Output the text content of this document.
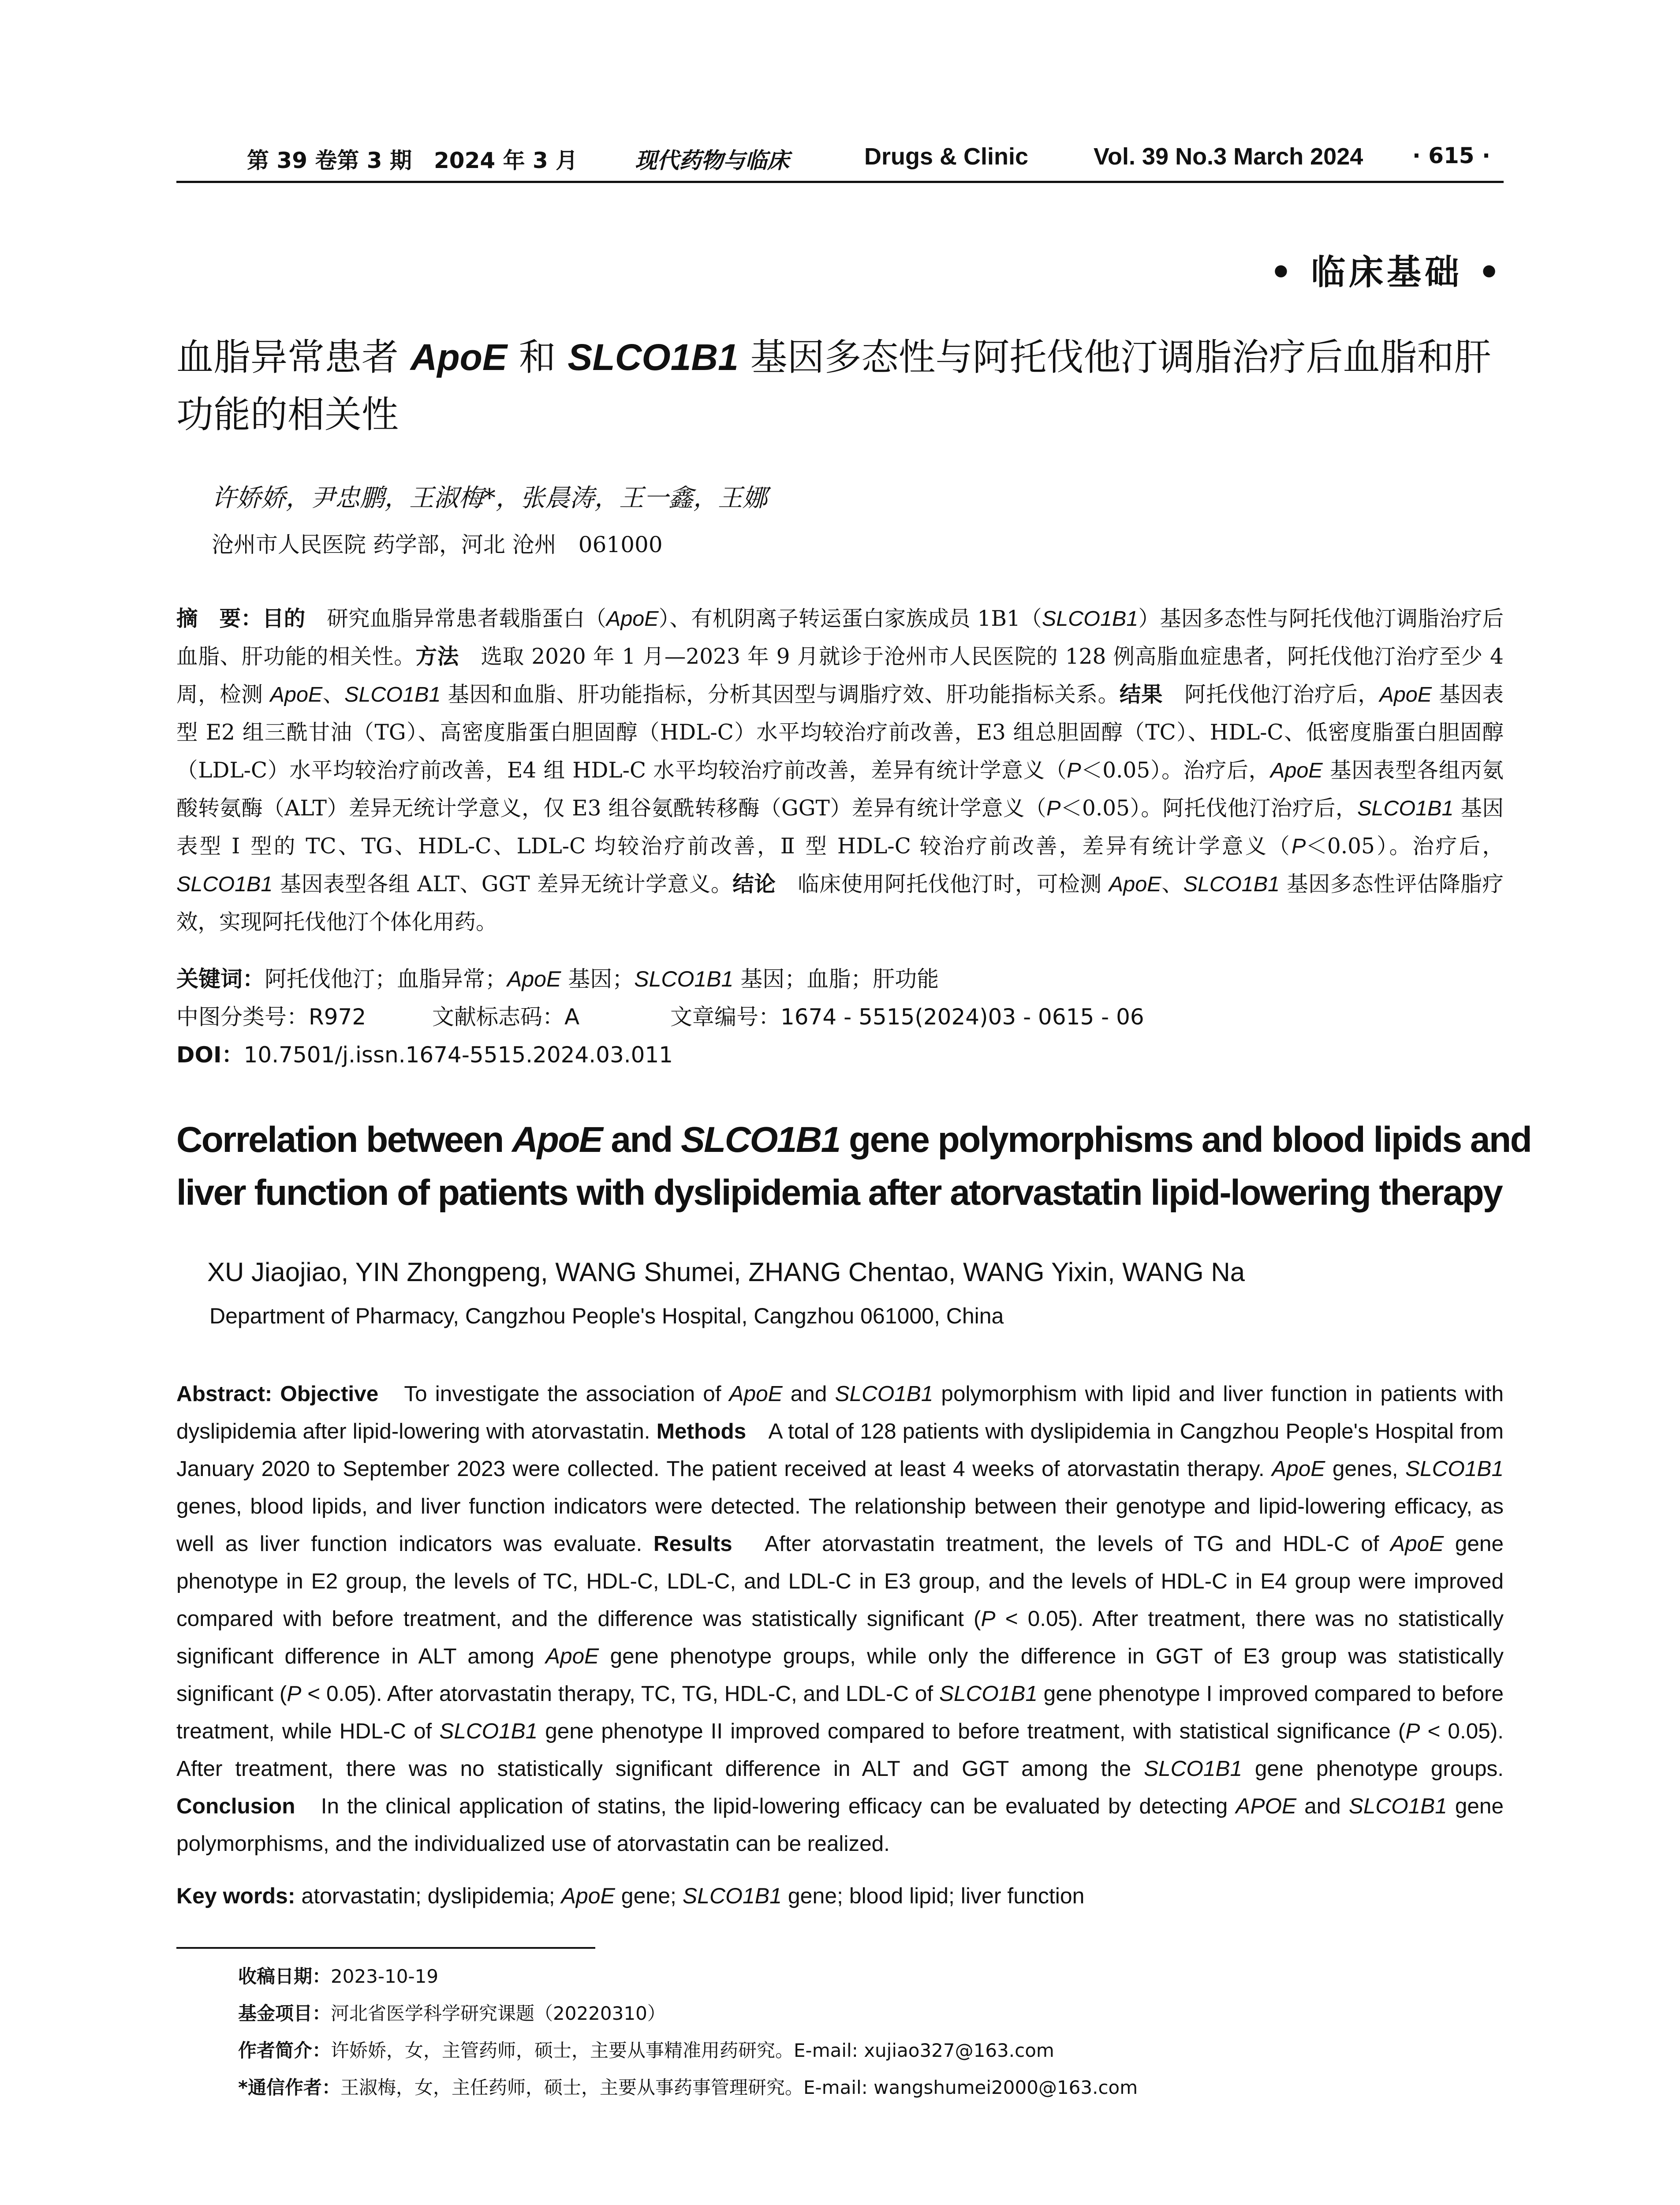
第 39 卷第 3 期　2024 年 3 月	现代药物与临床	Drugs & Clinic	Vol. 39 No.3 March 2024 · 615 ·
• 临床基础 •
血脂异常患者 ApoE 和 SLCO1B1 基因多态性与阿托伐他汀调脂治疗后血脂和肝功能的相关性
许娇娇，尹忠鹏，王淑梅*，张晨涛，王一鑫，王娜
沧州市人民医院 药学部，河北 沧州　061000
摘　要：目的　研究血脂异常患者载脂蛋白（ApoE）、有机阴离子转运蛋白家族成员 1B1（SLCO1B1）基因多态性与阿托伐他汀调脂治疗后血脂、肝功能的相关性。方法　选取 2020 年 1 月—2023 年 9 月就诊于沧州市人民医院的 128 例高脂血症患者，阿托伐他汀治疗至少 4 周，检测 ApoE、SLCO1B1 基因和血脂、肝功能指标，分析其因型与调脂疗效、肝功能指标关系。结果　阿托伐他汀治疗后，ApoE 基因表型 E2 组三酰甘油（TG）、高密度脂蛋白胆固醇（HDL-C）水平均较治疗前改善，E3 组总胆固醇（TC）、HDL-C、低密度脂蛋白胆固醇（LDL-C）水平均较治疗前改善，E4 组 HDL-C 水平均较治疗前改善，差异有统计学意义（P＜0.05）。治疗后，ApoE 基因表型各组丙氨酸转氨酶（ALT）差异无统计学意义，仅 E3 组谷氨酰转移酶（GGT）差异有统计学意义（P＜0.05）。阿托伐他汀治疗后，SLCO1B1 基因表型 Ⅰ 型的 TC、TG、HDL-C、LDL-C 均较治疗前改善，Ⅱ 型 HDL-C 较治疗前改善，差异有统计学意义（P＜0.05）。治疗后，SLCO1B1 基因表型各组 ALT、GGT 差异无统计学意义。结论　临床使用阿托伐他汀时，可检测 ApoE、SLCO1B1 基因多态性评估降脂疗效，实现阿托伐他汀个体化用药。
关键词：阿托伐他汀；血脂异常；ApoE 基因；SLCO1B1 基因；血脂；肝功能
中图分类号：R972	文献标志码：A	文章编号：1674 - 5515(2024)03 - 0615 - 06
DOI：10.7501/j.issn.1674-5515.2024.03.011
Correlation between ApoE and SLCO1B1 gene polymorphisms and blood lipids and liver function of patients with dyslipidemia after atorvastatin lipid-lowering therapy
XU Jiaojiao, YIN Zhongpeng, WANG Shumei, ZHANG Chentao, WANG Yixin, WANG Na
Department of Pharmacy, Cangzhou People's Hospital, Cangzhou 061000, China
Abstract: Objective　To investigate the association of ApoE and SLCO1B1 polymorphism with lipid and liver function in patients with dyslipidemia after lipid-lowering with atorvastatin. Methods　A total of 128 patients with dyslipidemia in Cangzhou People's Hospital from January 2020 to September 2023 were collected. The patient received at least 4 weeks of atorvastatin therapy. ApoE genes, SLCO1B1 genes, blood lipids, and liver function indicators were detected. The relationship between their genotype and lipid-lowering efficacy, as well as liver function indicators was evaluate. Results　After atorvastatin treatment, the levels of TG and HDL-C of ApoE gene phenotype in E2 group, the levels of TC, HDL-C, LDL-C, and LDL-C in E3 group, and the levels of HDL-C in E4 group were improved compared with before treatment, and the difference was statistically significant (P < 0.05). After treatment, there was no statistically significant difference in ALT among ApoE gene phenotype groups, while only the difference in GGT of E3 group was statistically significant (P < 0.05). After atorvastatin therapy, TC, TG, HDL-C, and LDL-C of SLCO1B1 gene phenotype I improved compared to before treatment, while HDL-C of SLCO1B1 gene phenotype II improved compared to before treatment, with statistical significance (P < 0.05). After treatment, there was no statistically significant difference in ALT and GGT among the SLCO1B1 gene phenotype groups. Conclusion　In the clinical application of statins, the lipid-lowering efficacy can be evaluated by detecting APOE and SLCO1B1 gene polymorphisms, and the individualized use of atorvastatin can be realized.
Key words: atorvastatin; dyslipidemia; ApoE gene; SLCO1B1 gene; blood lipid; liver function
收稿日期：2023-10-19
基金项目：河北省医学科学研究课题（20220310）
作者简介：许娇娇，女，主管药师，硕士，主要从事精准用药研究。E-mail: xujiao327@163.com
*通信作者：王淑梅，女，主任药师，硕士，主要从事药事管理研究。E-mail: wangshumei2000@163.com
